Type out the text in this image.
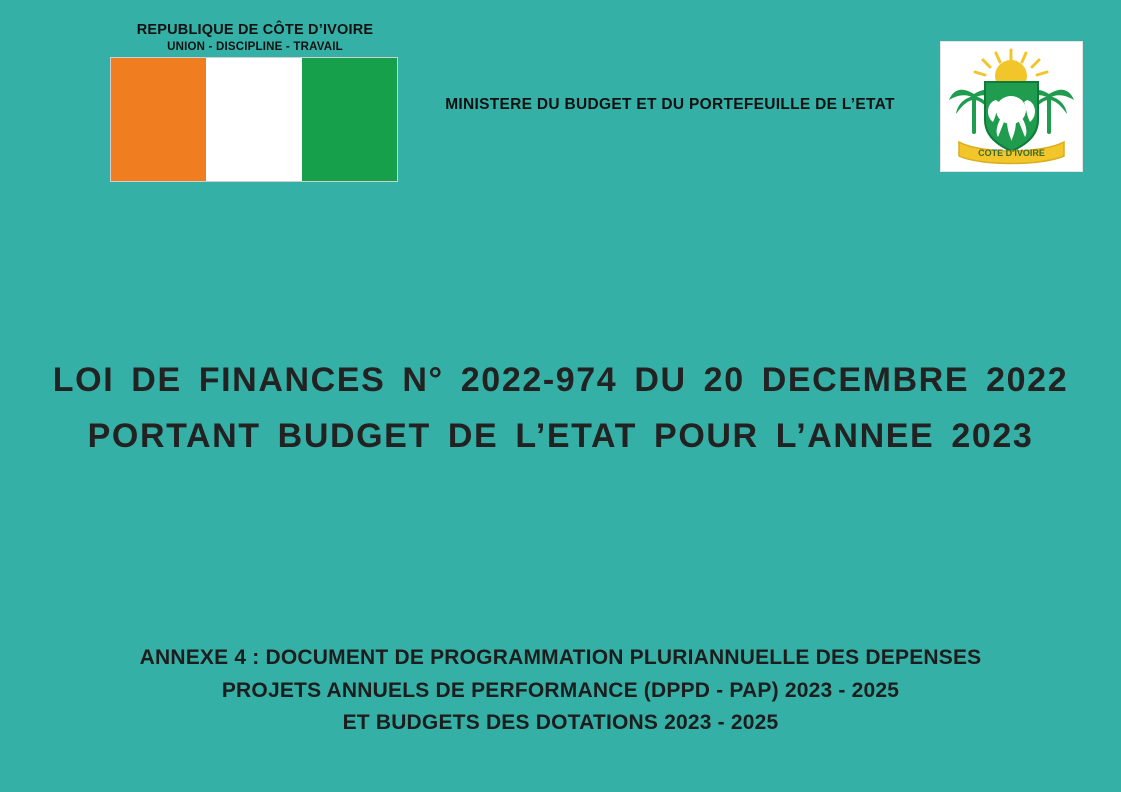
REPUBLIQUE DE CÔTE D’IVOIRE
UNION - DISCIPLINE - TRAVAIL
MINISTERE DU BUDGET ET DU PORTEFEUILLE DE L’ETAT
COTE D'IVOIRE
LOI DE FINANCES N° 2022-974 DU 20 DECEMBRE 2022
PORTANT BUDGET DE L’ETAT POUR L’ANNEE 2023
ANNEXE 4 : DOCUMENT DE PROGRAMMATION PLURIANNUELLE DES DEPENSES
PROJETS ANNUELS DE PERFORMANCE (DPPD - PAP) 2023 - 2025
ET BUDGETS DES DOTATIONS 2023 - 2025
